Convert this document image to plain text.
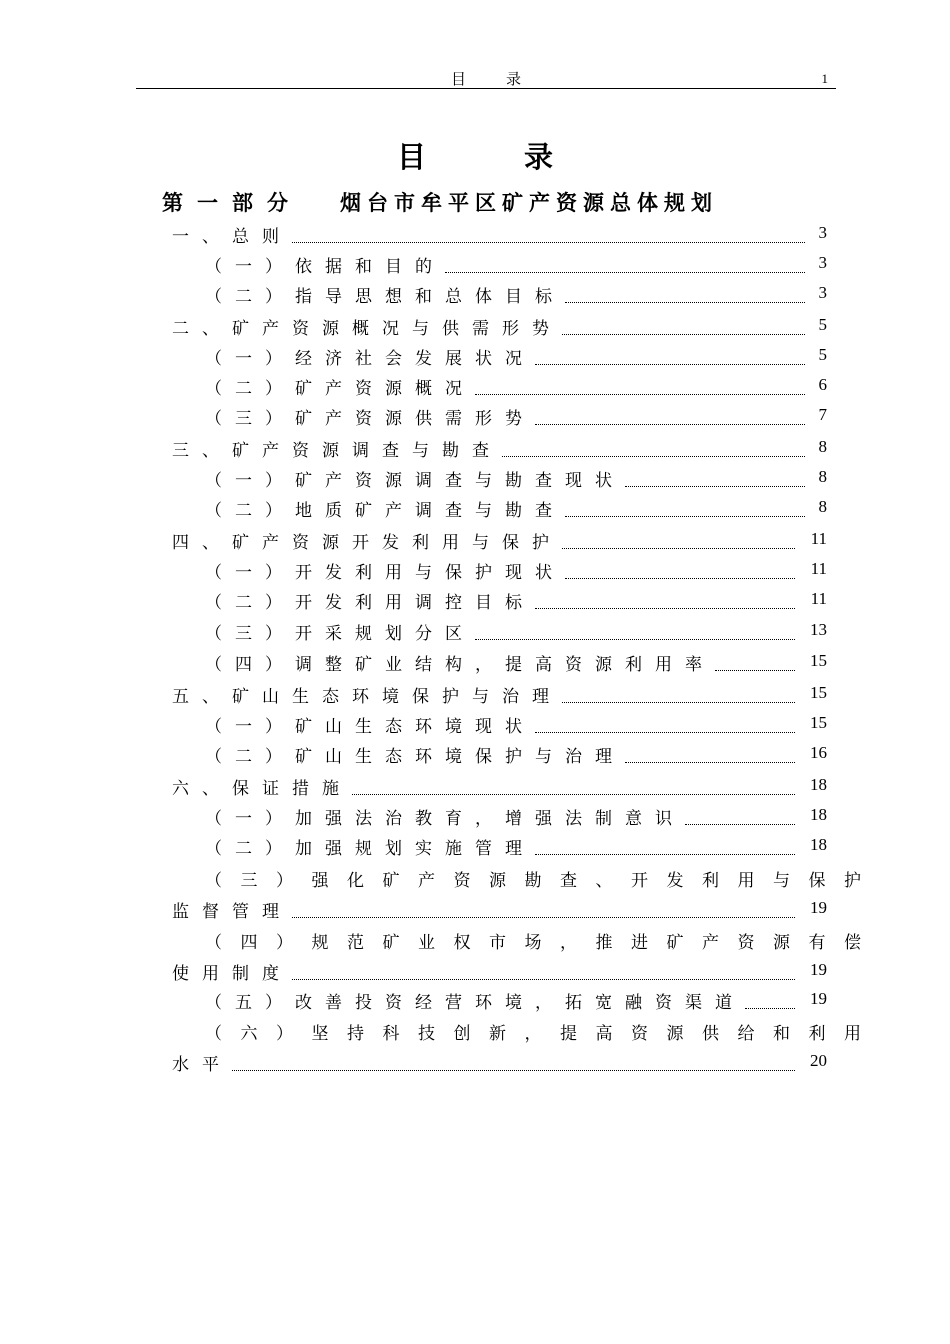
目录	1
目录
第一部分 烟台市牟平区矿产资源总体规划
一、总则	3
（一）依据和目的	3
（二）指导思想和总体目标	3
二、矿产资源概况与供需形势	5
（一）经济社会发展状况	5
（二）矿产资源概况	6
（三）矿产资源供需形势	7
三、矿产资源调查与勘查	8
（一）矿产资源调查与勘查现状	8
（二）地质矿产调查与勘查	8
四、矿产资源开发利用与保护	11
（一）开发利用与保护现状	11
（二）开发利用调控目标	11
（三）开采规划分区	13
（四）调整矿业结构，提高资源利用率	15
五、矿山生态环境保护与治理	15
（一）矿山生态环境现状	15
（二）矿山生态环境保护与治理	16
六、保证措施	18
（一）加强法治教育，增强法制意识	18
（二）加强规划实施管理	18
（三）强化矿产资源勘查、开发利用与保护
监督管理	19
（四）规范矿业权市场，推进矿产资源有偿
使用制度	19
（五）改善投资经营环境，拓宽融资渠道	19
（六）坚持科技创新，提高资源供给和利用
水平	20
